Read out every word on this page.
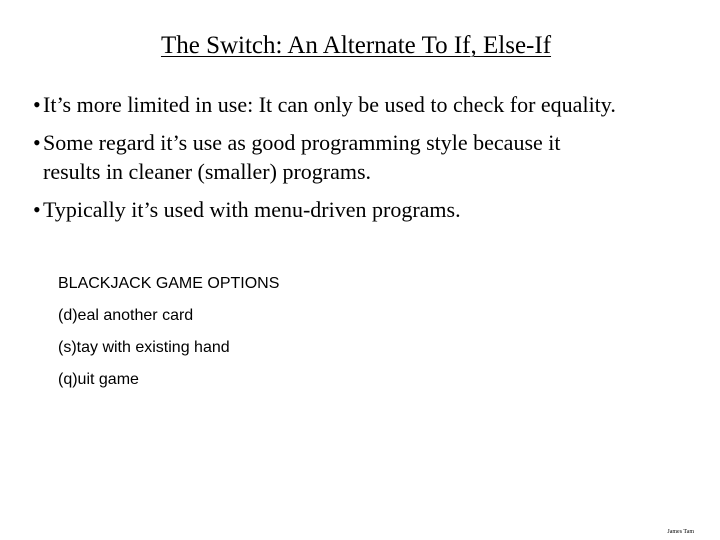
The Switch: An Alternate To If, Else-If
• It’s more limited in use: It can only be used to check for equality.
• Some regard it’s use as good programming style because it
results in cleaner (smaller) programs.
• Typically it’s used with menu-driven programs.
BLACKJACK GAME OPTIONS
(d)eal another card
(s)tay with existing hand
(q)uit game
James Tam
